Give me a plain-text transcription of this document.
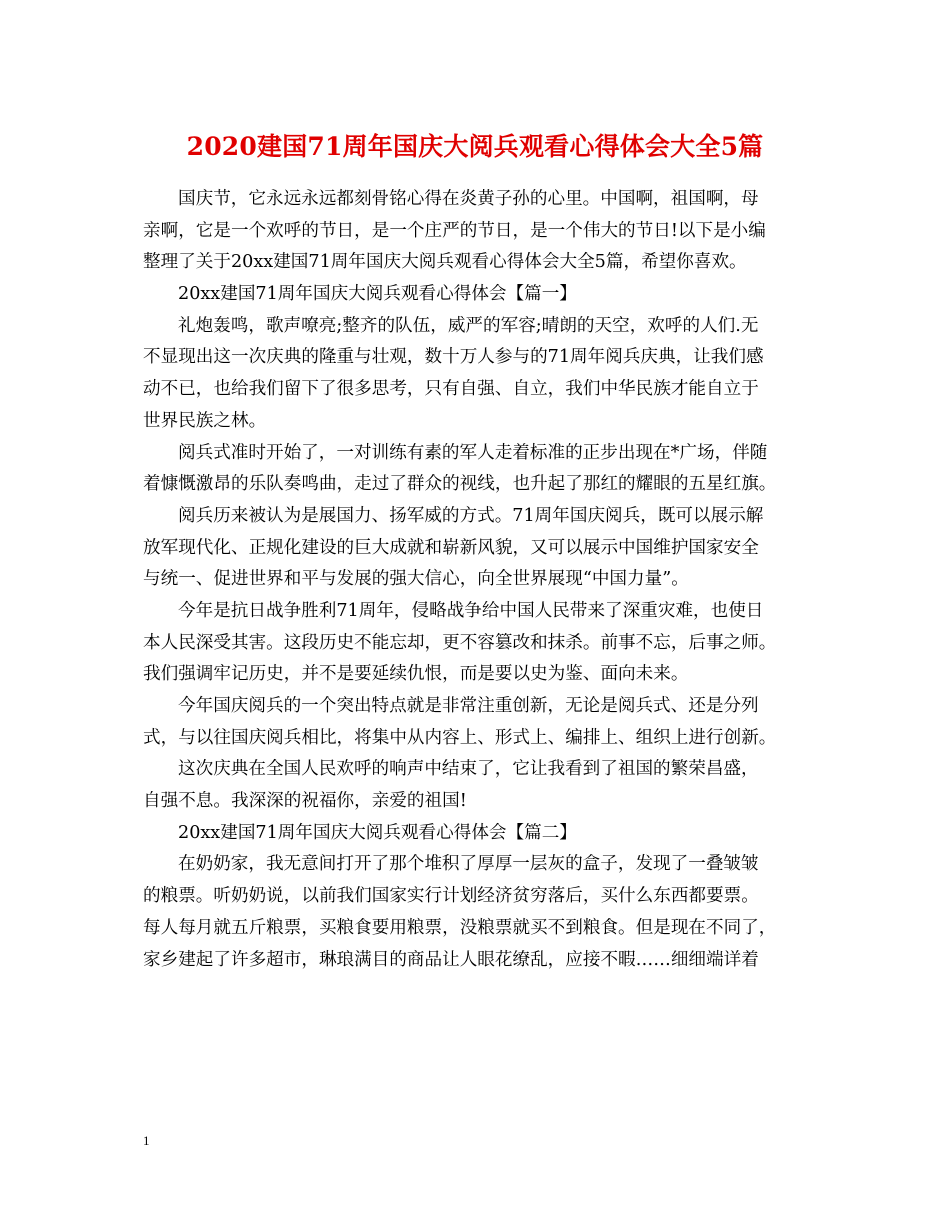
2020建国71周年国庆大阅兵观看心得体会大全5篇
国庆节，它永远永远都刻骨铭心得在炎黄子孙的心里。中国啊，祖国啊，母
亲啊，它是一个欢呼的节日，是一个庄严的节日，是一个伟大的节日!以下是小编
整理了关于20xx建国71周年国庆大阅兵观看心得体会大全5篇，希望你喜欢。
20xx建国71周年国庆大阅兵观看心得体会【篇一】
礼炮轰鸣，歌声嘹亮;整齐的队伍，威严的军容;晴朗的天空，欢呼的人们.无
不显现出这一次庆典的隆重与壮观，数十万人参与的71周年阅兵庆典，让我们感
动不已，也给我们留下了很多思考，只有自强、自立，我们中华民族才能自立于
世界民族之林。
阅兵式准时开始了，一对训练有素的军人走着标准的正步出现在*广场，伴随
着慷慨激昂的乐队奏鸣曲，走过了群众的视线，也升起了那红的耀眼的五星红旗。
阅兵历来被认为是展国力、扬军威的方式。71周年国庆阅兵，既可以展示解
放军现代化、正规化建设的巨大成就和崭新风貌，又可以展示中国维护国家安全
与统一、促进世界和平与发展的强大信心，向全世界展现“中国力量”。
今年是抗日战争胜利71周年，侵略战争给中国人民带来了深重灾难，也使日
本人民深受其害。这段历史不能忘却，更不容篡改和抹杀。前事不忘，后事之师。
我们强调牢记历史，并不是要延续仇恨，而是要以史为鉴、面向未来。
今年国庆阅兵的一个突出特点就是非常注重创新，无论是阅兵式、还是分列
式，与以往国庆阅兵相比，将集中从内容上、形式上、编排上、组织上进行创新。
这次庆典在全国人民欢呼的响声中结束了，它让我看到了祖国的繁荣昌盛，
自强不息。我深深的祝福你，亲爱的祖国!
20xx建国71周年国庆大阅兵观看心得体会【篇二】
在奶奶家，我无意间打开了那个堆积了厚厚一层灰的盒子，发现了一叠皱皱
的粮票。听奶奶说，以前我们国家实行计划经济贫穷落后，买什么东西都要票。
每人每月就五斤粮票，买粮食要用粮票，没粮票就买不到粮食。但是现在不同了，
家乡建起了许多超市，琳琅满目的商品让人眼花缭乱，应接不暇……细细端详着
1
